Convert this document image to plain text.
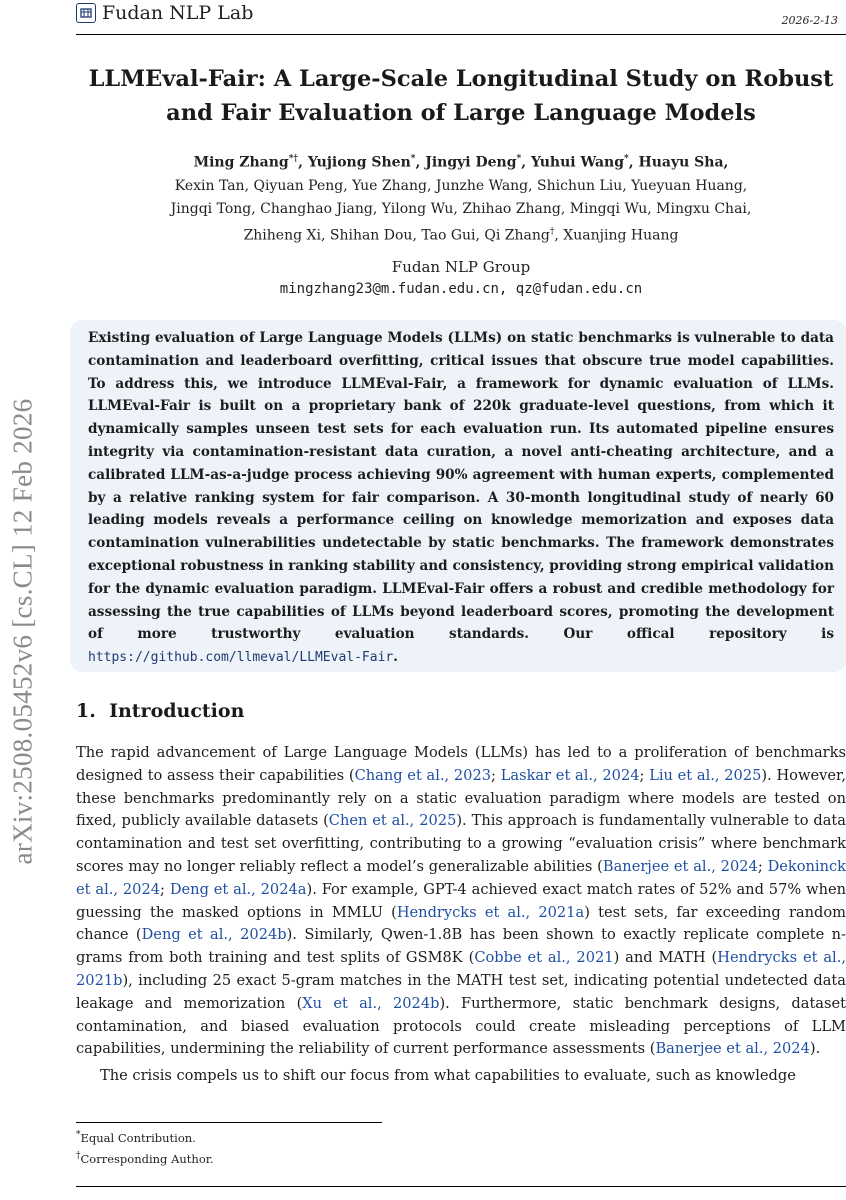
Fudan NLP Lab	2026-2-13
arXiv:2508.05452v6 [cs.CL] 12 Feb 2026
LLMEval-Fair: A Large-Scale Longitudinal Study on Robust
and Fair Evaluation of Large Language Models
Ming Zhang*†, Yujiong Shen*, Jingyi Deng*, Yuhui Wang*, Huayu Sha,
Kexin Tan, Qiyuan Peng, Yue Zhang, Junzhe Wang, Shichun Liu, Yueyuan Huang,
Jingqi Tong, Changhao Jiang, Yilong Wu, Zhihao Zhang, Mingqi Wu, Mingxu Chai,
Zhiheng Xi, Shihan Dou, Tao Gui, Qi Zhang†, Xuanjing Huang
Fudan NLP Group
mingzhang23@m.fudan.edu.cn, qz@fudan.edu.cn

Existing evaluation of Large Language Models (LLMs) on static benchmarks is vulnerable to data contamination and leaderboard overfitting, critical issues that obscure true model capabilities. To address this, we introduce LLMEval-Fair, a framework for dynamic evaluation of LLMs. LLMEval-Fair is built on a proprietary bank of 220k graduate-level questions, from which it dynamically samples unseen test sets for each evaluation run. Its automated pipeline ensures integrity via contamination-resistant data curation, a novel anti-cheating architecture, and a calibrated LLM-as-a-judge process achieving 90% agreement with human experts, complemented by a relative ranking system for fair comparison. A 30-month longitudinal study of nearly 60 leading models reveals a performance ceiling on knowledge memorization and exposes data contamination vulnerabilities undetectable by static benchmarks. The framework demonstrates exceptional robustness in ranking stability and consistency, providing strong empirical validation for the dynamic evaluation paradigm. LLMEval-Fair offers a robust and credible methodology for assessing the true capabilities of LLMs beyond leaderboard scores, promoting the development of more trustworthy evaluation standards. Our offical repository is https://github.com/llmeval/LLMEval-Fair.

1. Introduction

The rapid advancement of Large Language Models (LLMs) has led to a proliferation of benchmarks designed to assess their capabilities (Chang et al., 2023; Laskar et al., 2024; Liu et al., 2025). However, these benchmarks predominantly rely on a static evaluation paradigm where models are tested on fixed, publicly available datasets (Chen et al., 2025). This approach is fundamentally vulnerable to data contamination and test set overfitting, contributing to a growing “evaluation crisis” where benchmark scores may no longer reliably reflect a model’s generalizable abilities (Banerjee et al., 2024; Dekoninck et al., 2024; Deng et al., 2024a). For example, GPT-4 achieved exact match rates of 52% and 57% when guessing the masked options in MMLU (Hendrycks et al., 2021a) test sets, far exceeding random chance (Deng et al., 2024b). Similarly, Qwen-1.8B has been shown to exactly replicate complete n-grams from both training and test splits of GSM8K (Cobbe et al., 2021) and MATH (Hendrycks et al., 2021b), including 25 exact 5-gram matches in the MATH test set, indicating potential undetected data leakage and memorization (Xu et al., 2024b). Furthermore, static benchmark designs, dataset contamination, and biased evaluation protocols could create misleading perceptions of LLM capabilities, undermining the reliability of current performance assessments (Banerjee et al., 2024).

The crisis compels us to shift our focus from what capabilities to evaluate, such as knowledge

*Equal Contribution.
†Corresponding Author.
